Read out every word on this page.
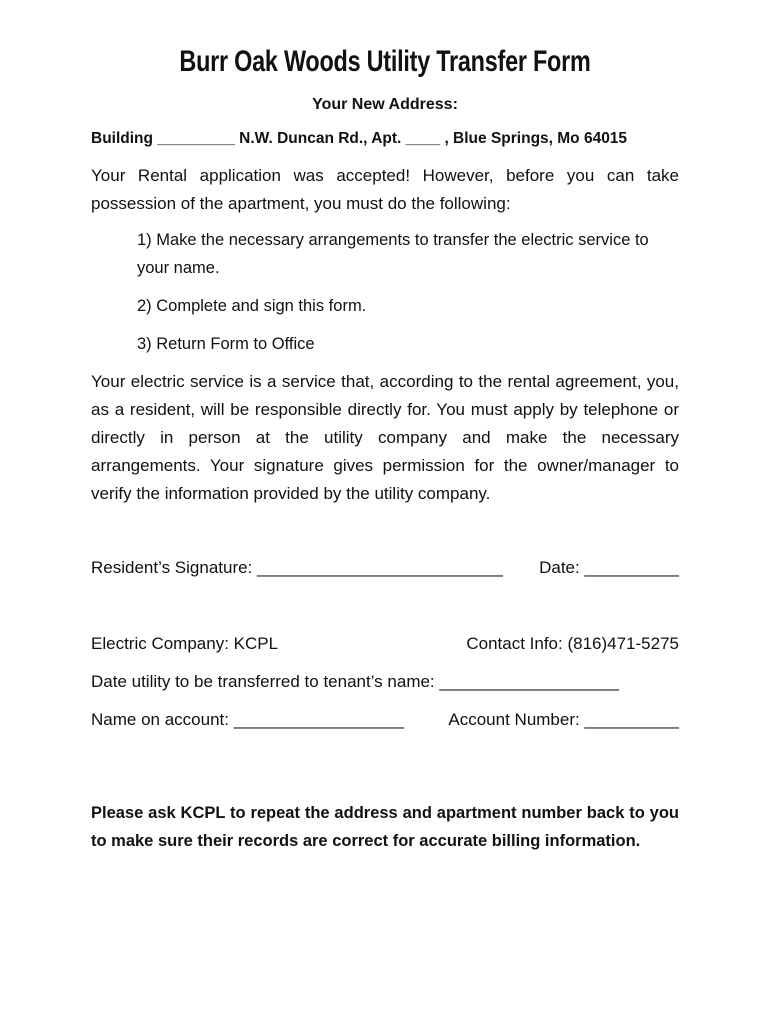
Burr Oak Woods Utility Transfer Form
Your New Address:
Building _________ N.W. Duncan Rd., Apt. ____ , Blue Springs, Mo 64015

Your Rental application was accepted! However, before you can take possession of the apartment, you must do the following:

1) Make the necessary arrangements to transfer the electric service to your name.
2) Complete and sign this form.
3) Return Form to Office

Your electric service is a service that, according to the rental agreement, you, as a resident, will be responsible directly for. You must apply by telephone or directly in person at the utility company and make the necessary arrangements. Your signature gives permission for the owner/manager to verify the information provided by the utility company.

Resident’s Signature: __________________________ Date: __________
Electric Company: KCPL	Contact Info: (816)471-5275
Date utility to be transferred to tenant’s name: ___________________
Name on account: __________________	Account Number: __________

Please ask KCPL to repeat the address and apartment number back to you to make sure their records are correct for accurate billing information.
